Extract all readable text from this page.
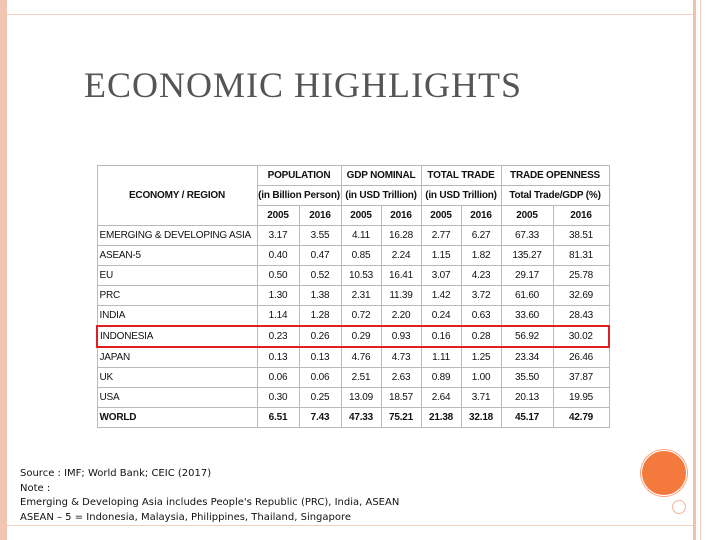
ECONOMIC HIGHLIGHTS
ECONOMY / REGION	POPULATION		GDP NOMINAL		TOTAL TRADE		TRADE OPENNESS	
	(in Billion Person)		(in USD Trillion)		(in USD Trillion)		Total Trade/GDP (%)	
	2005	2016	2005	2016	2005	2016	2005	2016
EMERGING & DEVELOPING ASIA	3.17	3.55	4.11	16.28	2.77	6.27	67.33	38.51
ASEAN-5	0.40	0.47	0.85	2.24	1.15	1.82	135.27	81.31
EU	0.50	0.52	10.53	16.41	3.07	4.23	29.17	25.78
PRC	1.30	1.38	2.31	11.39	1.42	3.72	61.60	32.69
INDIA	1.14	1.28	0.72	2.20	0.24	0.63	33.60	28.43
INDONESIA	0.23	0.26	0.29	0.93	0.16	0.28	56.92	30.02
JAPAN	0.13	0.13	4.76	4.73	1.11	1.25	23.34	26.46
UK	0.06	0.06	2.51	2.63	0.89	1.00	35.50	37.87
USA	0.30	0.25	13.09	18.57	2.64	3.71	20.13	19.95
WORLD	6.51	7.43	47.33	75.21	21.38	32.18	45.17	42.79
Source : IMF; World Bank; CEIC (2017)
Note :
Emerging & Developing Asia includes People's Republic (PRC), India, ASEAN
ASEAN – 5 = Indonesia, Malaysia, Philippines, Thailand, Singapore
